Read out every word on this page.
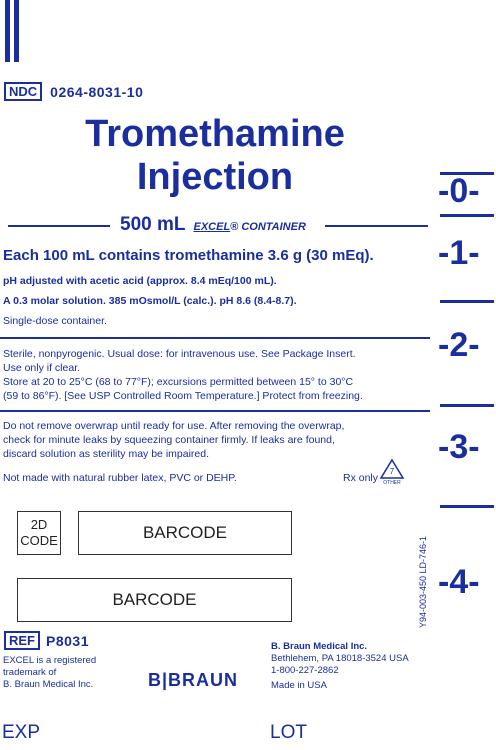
NDC 0264-8031-10
Tromethamine
Injection
500 mL EXCEL® CONTAINER
Each 100 mL contains tromethamine 3.6 g (30 mEq).
pH adjusted with acetic acid (approx. 8.4 mEq/100 mL).
A 0.3 molar solution. 385 mOsmol/L (calc.). pH 8.6 (8.4-8.7).
Single-dose container.
Sterile, nonpyrogenic. Usual dose: for intravenous use. See Package Insert.
Use only if clear.
Store at 20 to 25°C (68 to 77°F); excursions permitted between 15° to 30°C
(59 to 86°F). [See USP Controlled Room Temperature.] Protect from freezing.
Do not remove overwrap until ready for use. After removing the overwrap,
check for minute leaks by squeezing container firmly. If leaks are found,
discard solution as sterility may be impaired.
Not made with natural rubber latex, PVC or DEHP.	Rx only
7
OTHER
-0-
-1-
-2-
-3-
-4-
2D
CODE	BARCODE
BARCODE	Y94-003-450 LD-746-1
REF P8031
EXCEL is a registered
trademark of
B. Braun Medical Inc.	B|BRAUN
B. Braun Medical Inc.
Bethlehem, PA 18018-3524 USA
1-800-227-2862
Made in USA
EXP	LOT
